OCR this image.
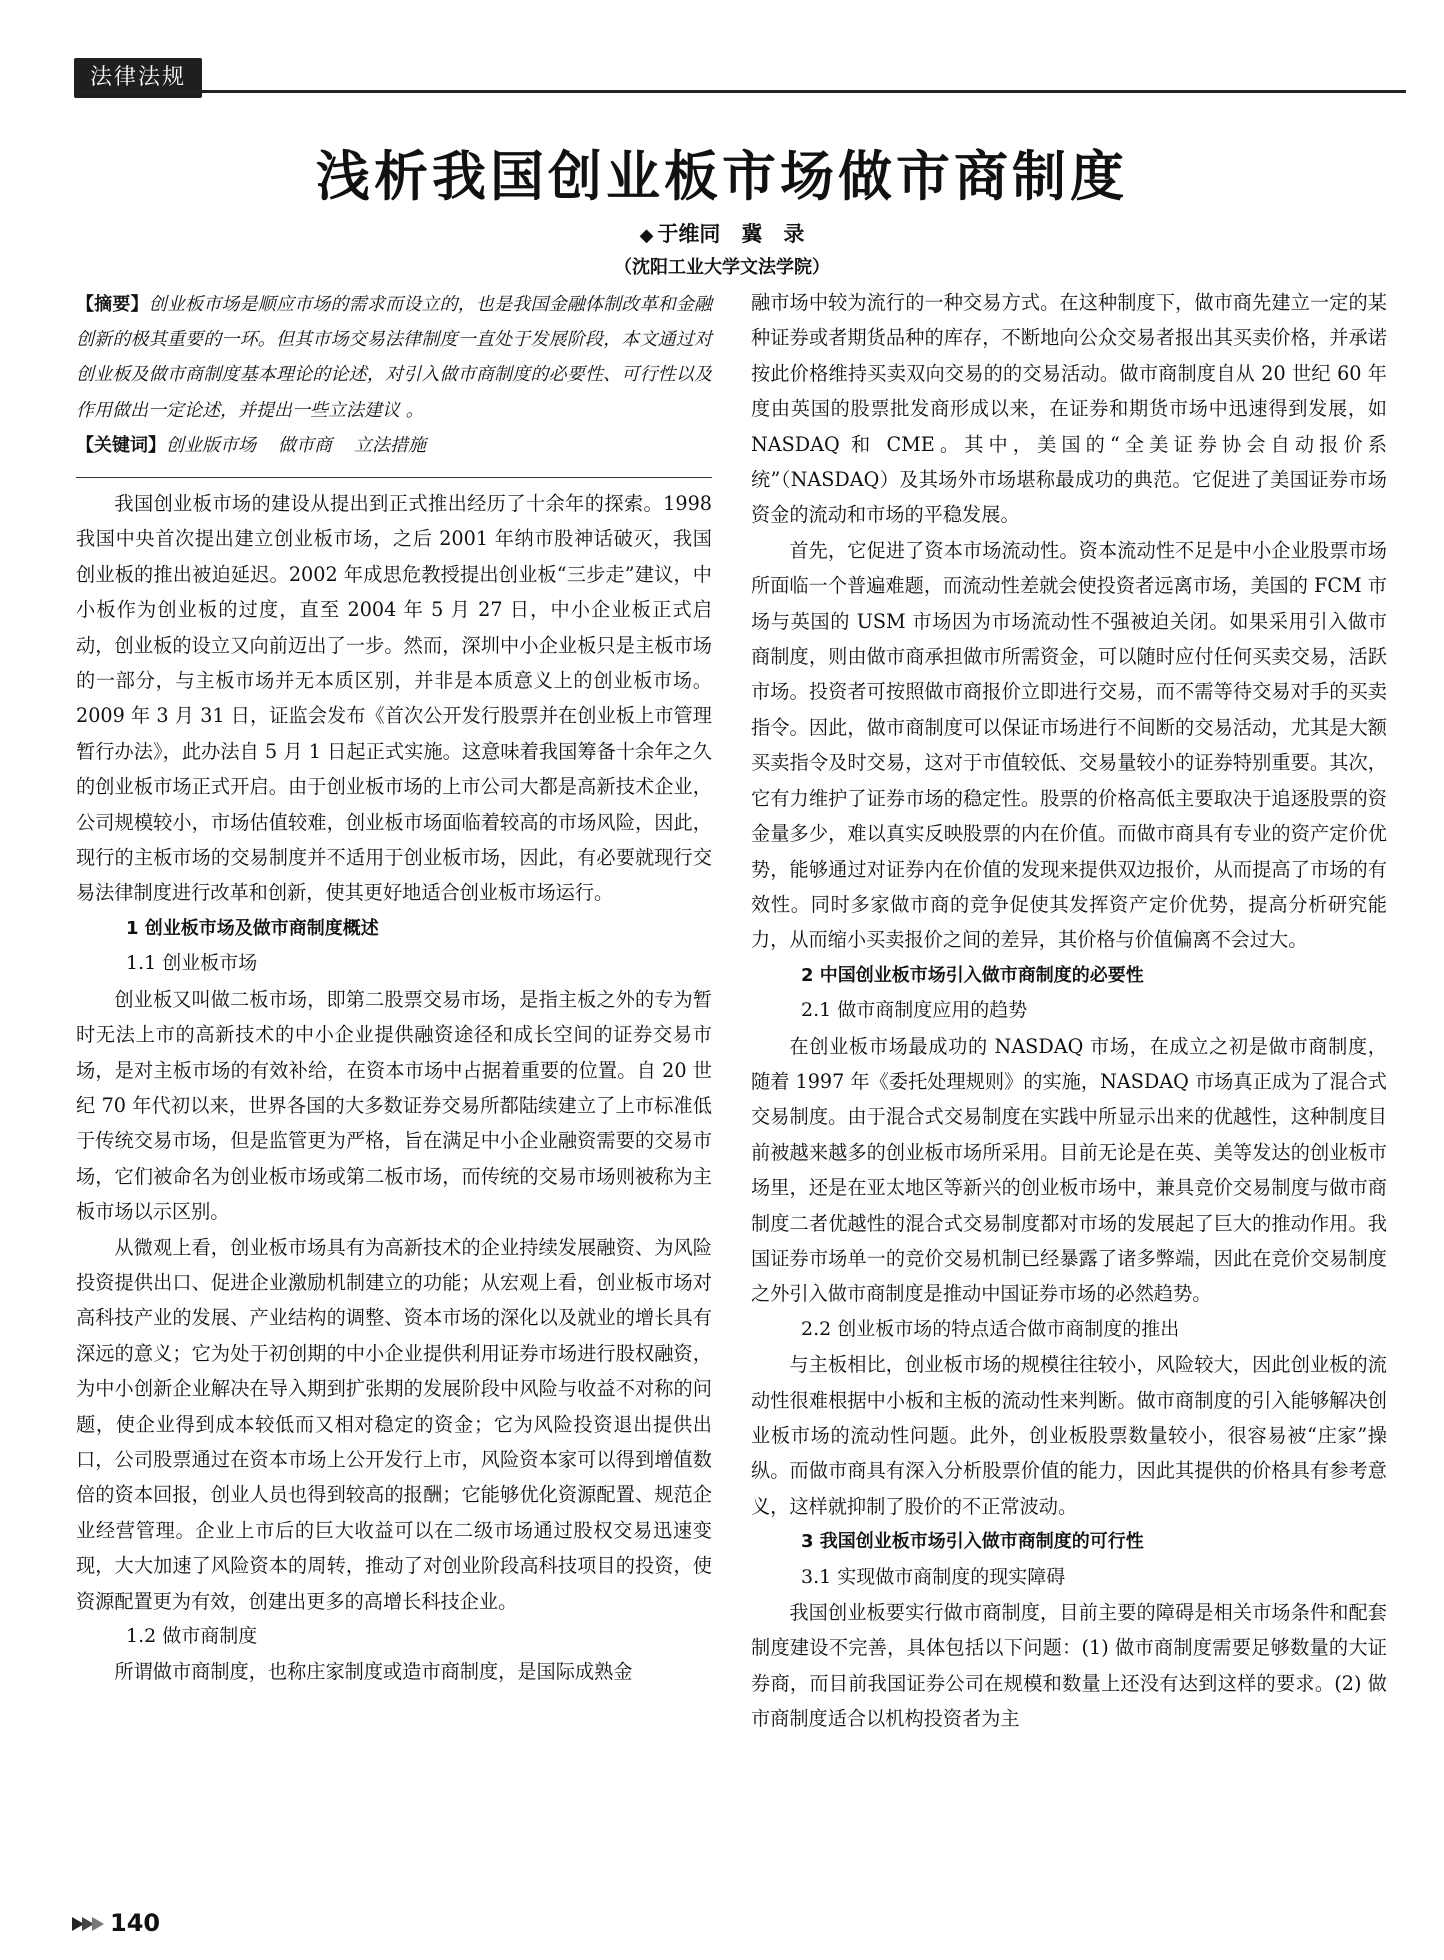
法律法规
浅析我国创业板市场做市商制度
◆ 于维同　冀　录
（沈阳工业大学文法学院）

【摘要】创业板市场是顺应市场的需求而设立的，也是我国金融体制改革和金融创新的极其重要的一环。但其市场交易法律制度一直处于发展阶段，本文通过对创业板及做市商制度基本理论的论述，对引入做市商制度的必要性、可行性以及作用做出一定论述，并提出一些立法建议 。

【关键词】创业版市场 做市商 立法措施

我国创业板市场的建设从提出到正式推出经历了十余年的探索。1998 我国中央首次提出建立创业板市场，之后 2001 年纳市股神话破灭，我国创业板的推出被迫延迟。2002 年成思危教授提出创业板“三步走”建议，中小板作为创业板的过度，直至 2004 年 5 月 27 日，中小企业板正式启动，创业板的设立又向前迈出了一步。然而，深圳中小企业板只是主板市场的一部分，与主板市场并无本质区别，并非是本质意义上的创业板市场。2009 年 3 月 31 日，证监会发布《首次公开发行股票并在创业板上市管理暂行办法》，此办法自 5 月 1 日起正式实施。这意味着我国筹备十余年之久的创业板市场正式开启。由于创业板市场的上市公司大都是高新技术企业，公司规模较小，市场估值较难，创业板市场面临着较高的市场风险，因此，现行的主板市场的交易制度并不适用于创业板市场，因此，有必要就现行交易法律制度进行改革和创新，使其更好地适合创业板市场运行。

1 创业板市场及做市商制度概述
1.1 创业板市场

创业板又叫做二板市场，即第二股票交易市场，是指主板之外的专为暂时无法上市的高新技术的中小企业提供融资途径和成长空间的证券交易市场，是对主板市场的有效补给，在资本市场中占据着重要的位置。自 20 世纪 70 年代初以来，世界各国的大多数证券交易所都陆续建立了上市标准低于传统交易市场，但是监管更为严格，旨在满足中小企业融资需要的交易市场，它们被命名为创业板市场或第二板市场，而传统的交易市场则被称为主板市场以示区别。

从微观上看，创业板市场具有为高新技术的企业持续发展融资、为风险投资提供出口、促进企业激励机制建立的功能；从宏观上看，创业板市场对高科技产业的发展、产业结构的调整、资本市场的深化以及就业的增长具有深远的意义；它为处于初创期的中小企业提供利用证券市场进行股权融资，为中小创新企业解决在导入期到扩张期的发展阶段中风险与收益不对称的问题，使企业得到成本较低而又相对稳定的资金；它为风险投资退出提供出口，公司股票通过在资本市场上公开发行上市，风险资本家可以得到增值数倍的资本回报，创业人员也得到较高的报酬；它能够优化资源配置、规范企业经营管理。企业上市后的巨大收益可以在二级市场通过股权交易迅速变现，大大加速了风险资本的周转，推动了对创业阶段高科技项目的投资，使资源配置更为有效，创建出更多的高增长科技企业。

1.2 做市商制度

所谓做市商制度，也称庄家制度或造市商制度，是国际成熟金

融市场中较为流行的一种交易方式。在这种制度下，做市商先建立一定的某种证券或者期货品种的库存，不断地向公众交易者报出其买卖价格，并承诺按此价格维持买卖双向交易的的交易活动。做市商制度自从 20 世纪 60 年度由英国的股票批发商形成以来，在证券和期货市场中迅速得到发展，如 NASDAQ 和 CME。其中，美国的“全美证券协会自动报价系统”（NASDAQ）及其场外市场堪称最成功的典范。它促进了美国证券市场资金的流动和市场的平稳发展。

首先，它促进了资本市场流动性。资本流动性不足是中小企业股票市场所面临一个普遍难题，而流动性差就会使投资者远离市场，美国的 FCM 市场与英国的 USM 市场因为市场流动性不强被迫关闭。如果采用引入做市商制度，则由做市商承担做市所需资金，可以随时应付任何买卖交易，活跃市场。投资者可按照做市商报价立即进行交易，而不需等待交易对手的买卖指令。因此，做市商制度可以保证市场进行不间断的交易活动，尤其是大额买卖指令及时交易，这对于市值较低、交易量较小的证券特别重要。其次，它有力维护了证券市场的稳定性。股票的价格高低主要取决于追逐股票的资金量多少，难以真实反映股票的内在价值。而做市商具有专业的资产定价优势，能够通过对证券内在价值的发现来提供双边报价，从而提高了市场的有效性。同时多家做市商的竞争促使其发挥资产定价优势，提高分析研究能力，从而缩小买卖报价之间的差异，其价格与价值偏离不会过大。

2 中国创业板市场引入做市商制度的必要性
2.1 做市商制度应用的趋势

在创业板市场最成功的 NASDAQ 市场，在成立之初是做市商制度，随着 1997 年《委托处理规则》的实施，NASDAQ 市场真正成为了混合式交易制度。由于混合式交易制度在实践中所显示出来的优越性，这种制度目前被越来越多的创业板市场所采用。目前无论是在英、美等发达的创业板市场里，还是在亚太地区等新兴的创业板市场中，兼具竞价交易制度与做市商制度二者优越性的混合式交易制度都对市场的发展起了巨大的推动作用。我国证券市场单一的竞价交易机制已经暴露了诸多弊端，因此在竞价交易制度之外引入做市商制度是推动中国证券市场的必然趋势。

2.2 创业板市场的特点适合做市商制度的推出

与主板相比，创业板市场的规模往往较小，风险较大，因此创业板的流动性很难根据中小板和主板的流动性来判断。做市商制度的引入能够解决创业板市场的流动性问题。此外，创业板股票数量较小，很容易被“庄家”操纵。而做市商具有深入分析股票价值的能力，因此其提供的价格具有参考意义，这样就抑制了股价的不正常波动。

3 我国创业板市场引入做市商制度的可行性
3.1 实现做市商制度的现实障碍

我国创业板要实行做市商制度，目前主要的障碍是相关市场条件和配套制度建设不完善，具体包括以下问题：(1) 做市商制度需要足够数量的大证券商，而目前我国证券公司在规模和数量上还没有达到这样的要求。(2) 做市商制度适合以机构投资者为主

140
